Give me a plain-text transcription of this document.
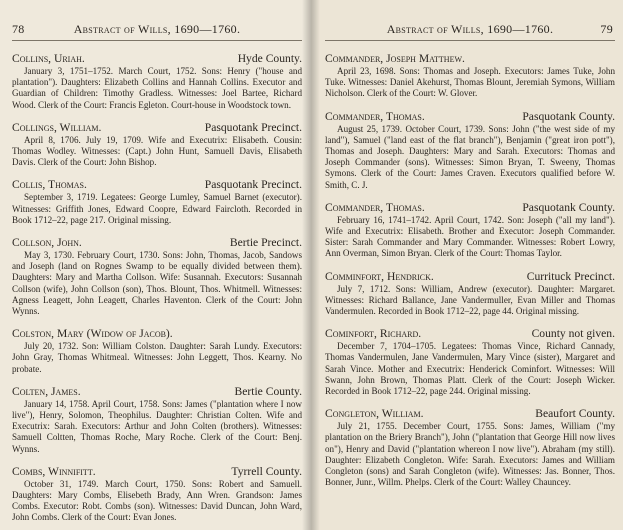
78	Abstract of Wills, 1690—1760.
Collins, Uriah.	Hyde County.
January 3, 1751–1752. March Court, 1752. Sons: Henry ("house and plantation"). Daughters: Elizabeth Collins and Hannah Collins. Executor and Guardian of Children: Timothy Gradless. Witnesses: Joel Bartee, Richard Wood. Clerk of the Court: Francis Egleton. Court-house in Woodstock town.
Collings, William.	Pasquotank Precinct.
April 8, 1706. July 19, 1709. Wife and Executrix: Elisabeth. Cousin: Thomas Wodley. Witnesses: (Capt.) John Hunt, Samuell Davis, Elisabeth Davis. Clerk of the Court: John Bishop.
Collis, Thomas.	Pasquotank Precinct.
September 3, 1719. Legatees: George Lumley, Samuel Barnet (executor). Witnesses: Griffith Jones, Edward Coopre, Edward Faircloth. Recorded in Book 1712–22, page 217. Original missing.
Collson, John.	Bertie Precinct.
May 3, 1730. February Court, 1730. Sons: John, Thomas, Jacob, Sandows and Joseph (land on Rognes Swamp to be equally divided between them). Daughters: Mary and Martha Collson. Wife: Susannah. Executors: Susannah Collson (wife), John Collson (son), Thos. Blount, Thos. Whitmell. Witnesses: Agness Leagett, John Leagett, Charles Haventon. Clerk of the Court: John Wynns.
Colston, Mary (Widow of Jacob).
July 20, 1732. Son: William Colston. Daughter: Sarah Lundy. Executors: John Gray, Thomas Whitmeal. Witnesses: John Leggett, Thos. Kearny. No probate.
Colten, James.	Bertie County.
January 14, 1758. April Court, 1758. Sons: James ("plantation where I now live"), Henry, Solomon, Theophilus. Daughter: Christian Colten. Wife and Executrix: Sarah. Executors: Arthur and John Colten (brothers). Witnesses: Samuell Coltten, Thomas Roche, Mary Roche. Clerk of the Court: Benj. Wynns.
Combs, Winnifitt.	Tyrrell County.
October 31, 1749. March Court, 1750. Sons: Robert and Samuell. Daughters: Mary Combs, Elisebeth Brady, Ann Wren. Grandson: James Combs. Executor: Robt. Combs (son). Witnesses: David Duncan, John Ward, John Combs. Clerk of the Court: Evan Jones.
Abstract of Wills, 1690—1760.	79
Commander, Joseph Matthew.
April 23, 1698. Sons: Thomas and Joseph. Executors: James Tuke, John Tuke. Witnesses: Daniel Akehurst, Thomas Blount, Jeremiah Symons, William Nicholson. Clerk of the Court: W. Glover.
Commander, Thomas.	Pasquotank County.
August 25, 1739. October Court, 1739. Sons: John ("the west side of my land"), Samuel ("land east of the flat branch"), Benjamin ("great iron pott"), Thomas and Joseph. Daughters: Mary and Sarah. Executors: Thomas and Joseph Commander (sons). Witnesses: Simon Bryan, T. Sweeny, Thomas Symons. Clerk of the Court: James Craven. Executors qualified before W. Smith, C. J.
Commander, Thomas.	Pasquotank County.
February 16, 1741–1742. April Court, 1742. Son: Joseph ("all my land"). Wife and Executrix: Elisabeth. Brother and Executor: Joseph Commander. Sister: Sarah Commander and Mary Commander. Witnesses: Robert Lowry, Ann Overman, Simon Bryan. Clerk of the Court: Thomas Taylor.
Comminfort, Hendrick.	Currituck Precinct.
July 7, 1712. Sons: William, Andrew (executor). Daughter: Margaret. Witnesses: Richard Ballance, Jane Vandermuller, Evan Miller and Thomas Vandermulen. Recorded in Book 1712–22, page 44. Original missing.
Cominfort, Richard.	County not given.
December 7, 1704–1705. Legatees: Thomas Vince, Richard Cannady, Thomas Vandermulen, Jane Vandermulen, Mary Vince (sister), Margaret and Sarah Vince. Mother and Executrix: Henderick Cominfort. Witnesses: Will Swann, John Brown, Thomas Platt. Clerk of the Court: Joseph Wicker. Recorded in Book 1712–22, page 244. Original missing.
Congleton, William.	Beaufort County.
July 21, 1755. December Court, 1755. Sons: James, William ("my plantation on the Briery Branch"), John ("plantation that George Hill now lives on"), Henry and David ("plantation whereon I now live"). Abraham (my still). Daughter: Elizabeth Congleton. Wife: Sarah. Executors: James and William Congleton (sons) and Sarah Congleton (wife). Witnesses: Jas. Bonner, Thos. Bonner, Junr., Willm. Phelps. Clerk of the Court: Walley Chauncey.
